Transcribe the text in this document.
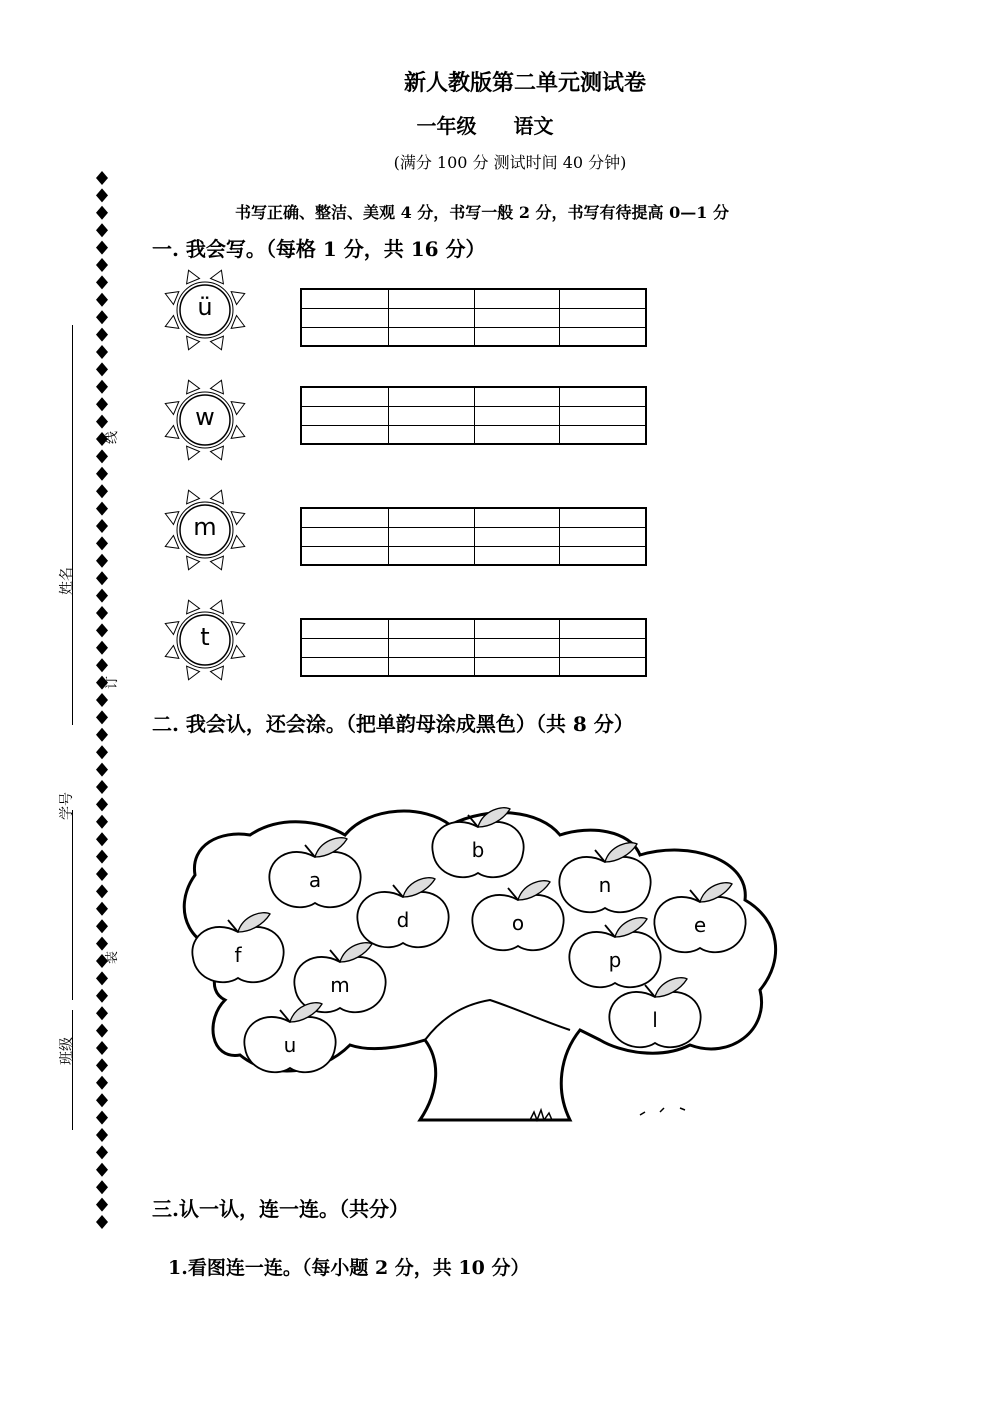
新人教版第二单元测试卷
一年级 语文
(满分 100 分 测试时间 40 分钟)
书写正确、整洁、美观 4 分，书写一般 2 分，书写有待提高 0—1 分
姓名
学号
班级
线
订
装
一. 我会写。（每格 1 分，共 16 分）
ü
w
m
t
二. 我会认，还会涂。（把单韵母涂成黑色）（共 8 分）
a
b
n
d	o	e
f
m
p
u
l
三.认一认，连一连。（共分）
1.看图连一连。（每小题 2 分，共 10 分）
